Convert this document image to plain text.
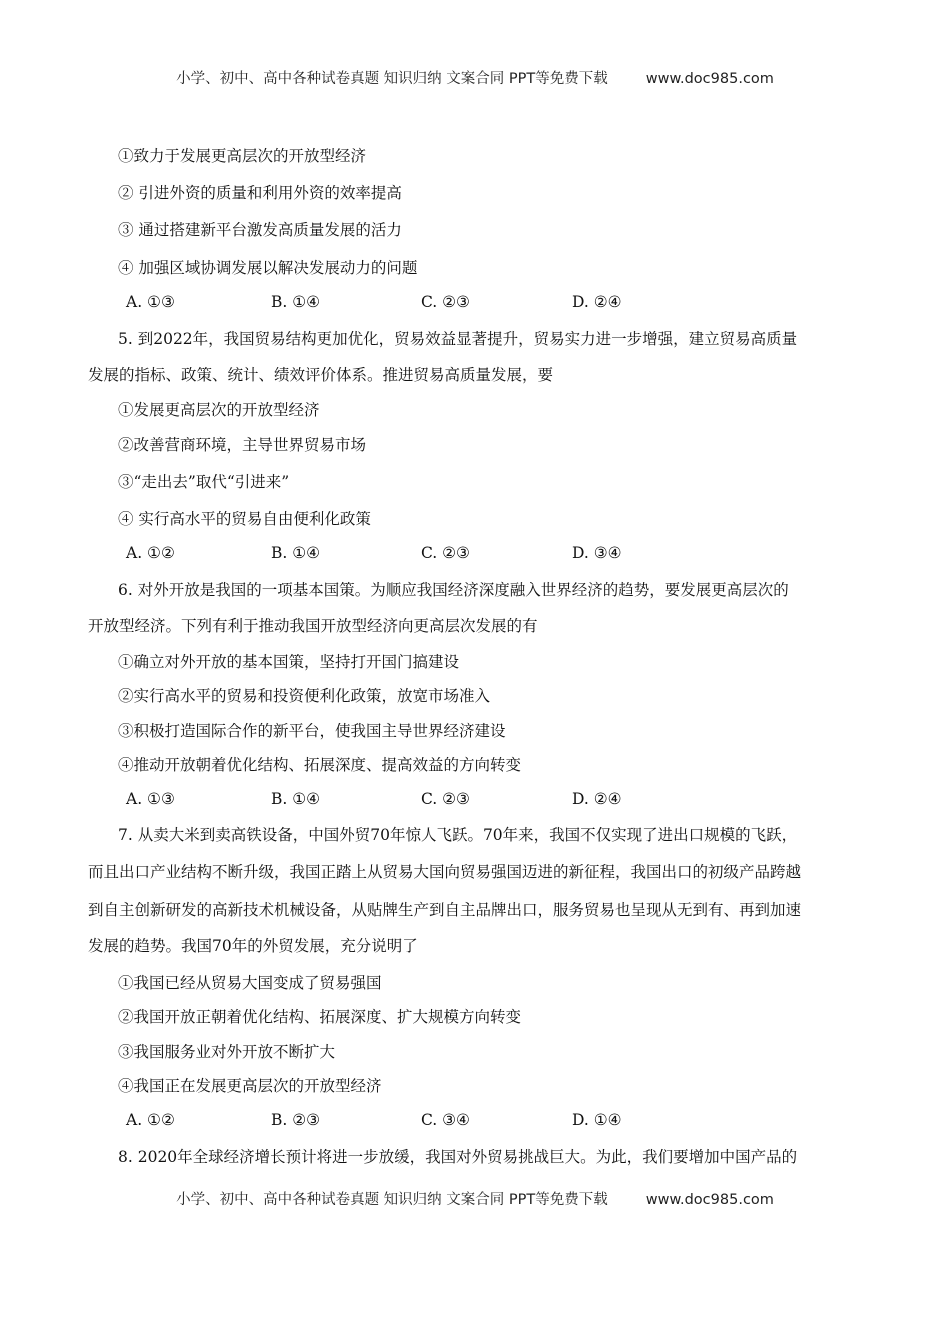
小学、初中、高中各种试卷真题 知识归纳 文案合同 PPT等免费下载	www.doc985.com
①致力于发展更高层次的开放型经济
② 引进外资的质量和利用外资的效率提高
③ 通过搭建新平台激发高质量发展的活力
④ 加强区域协调发展以解决发展动力的问题
A. ①③	B. ①④	C. ②③	D. ②④
5. 到2022年，我国贸易结构更加优化，贸易效益显著提升，贸易实力进一步增强，建立贸易高质量
发展的指标、政策、统计、绩效评价体系。推进贸易高质量发展，要
①发展更高层次的开放型经济
②改善营商环境，主导世界贸易市场
③“走出去”取代“引进来”
④ 实行高水平的贸易自由便利化政策
A. ①②	B. ①④	C. ②③	D. ③④
6. 对外开放是我国的一项基本国策。为顺应我国经济深度融入世界经济的趋势，要发展更高层次的
开放型经济。下列有利于推动我国开放型经济向更高层次发展的有
①确立对外开放的基本国策，坚持打开国门搞建设
②实行高水平的贸易和投资便利化政策，放宽市场准入
③积极打造国际合作的新平台，使我国主导世界经济建设
④推动开放朝着优化结构、拓展深度、提高效益的方向转变
A. ①③	B. ①④	C. ②③	D. ②④
7. 从卖大米到卖高铁设备，中国外贸70年惊人飞跃。70年来，我国不仅实现了进出口规模的飞跃，
而且出口产业结构不断升级，我国正踏上从贸易大国向贸易强国迈进的新征程，我国出口的初级产品跨越
到自主创新研发的高新技术机械设备，从贴牌生产到自主品牌出口，服务贸易也呈现从无到有、再到加速
发展的趋势。我国70年的外贸发展，充分说明了
①我国已经从贸易大国变成了贸易强国
②我国开放正朝着优化结构、拓展深度、扩大规模方向转变
③我国服务业对外开放不断扩大
④我国正在发展更高层次的开放型经济
A. ①②	B. ②③	C. ③④	D. ①④
8. 2020年全球经济增长预计将进一步放缓，我国对外贸易挑战巨大。为此，我们要增加中国产品的
小学、初中、高中各种试卷真题 知识归纳 文案合同 PPT等免费下载	www.doc985.com
